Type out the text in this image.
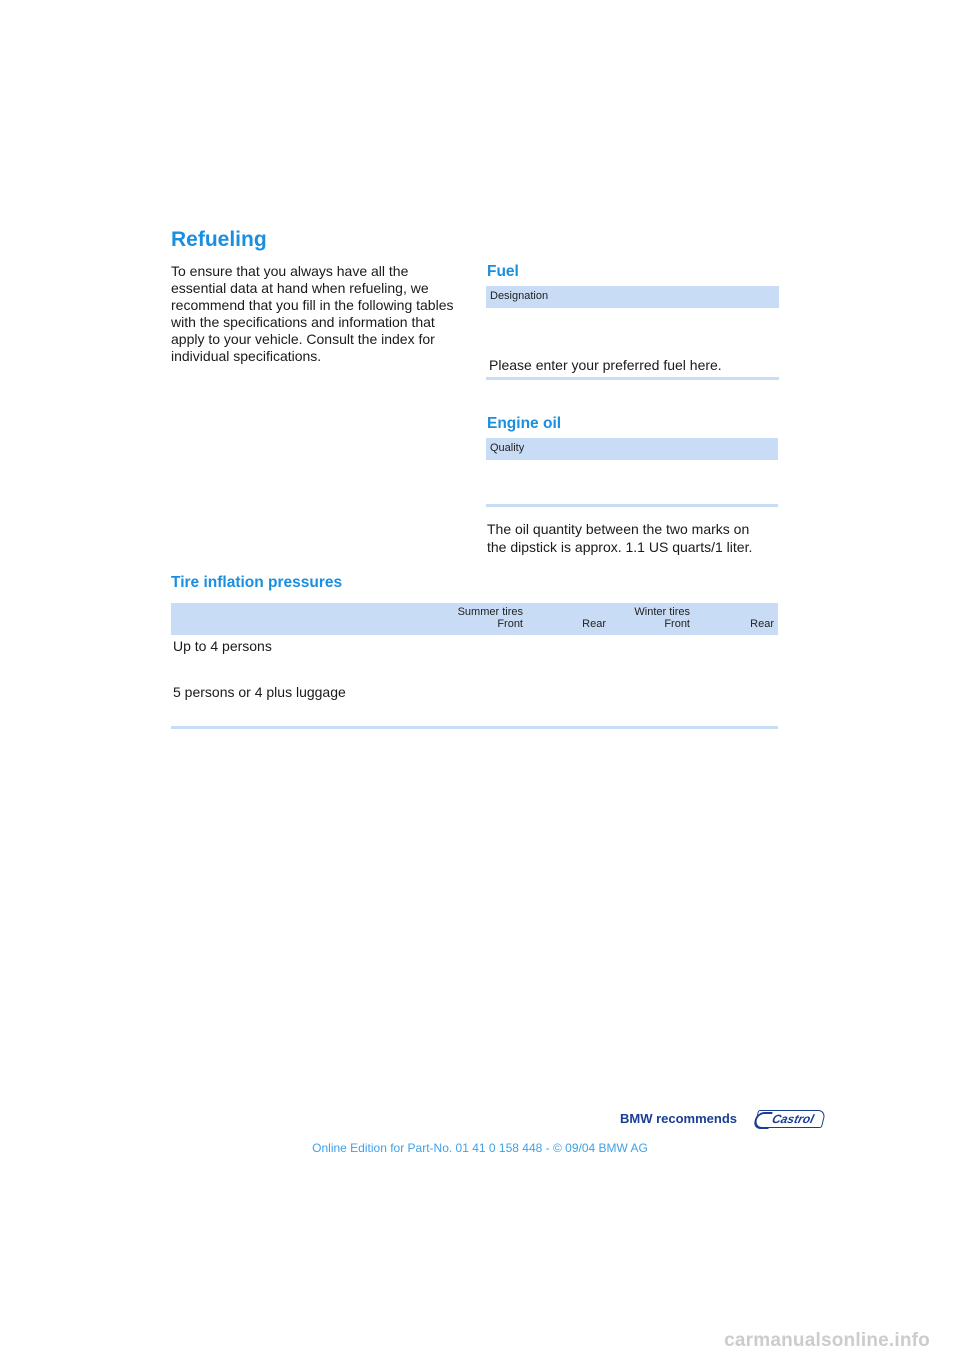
Refueling
To ensure that you always have all the essential data at hand when refueling, we recommend that you fill in the following tables with the specifications and information that apply to your vehicle. Consult the index for individual specifications.
Fuel
Designation
Please enter your preferred fuel here.
Engine oil
Quality
The oil quantity between the two marks on the dipstick is approx. 1.1 US quarts/1 liter.
Tire inflation pressures
Summer tires
Front	Rear
Winter tires
Front	Rear
Up to 4 persons
5 persons or 4 plus luggage
BMW recommends	Castrol
Online Edition for Part-No. 01 41 0 158 448 - © 09/04 BMW AG
carmanualsonline.info
